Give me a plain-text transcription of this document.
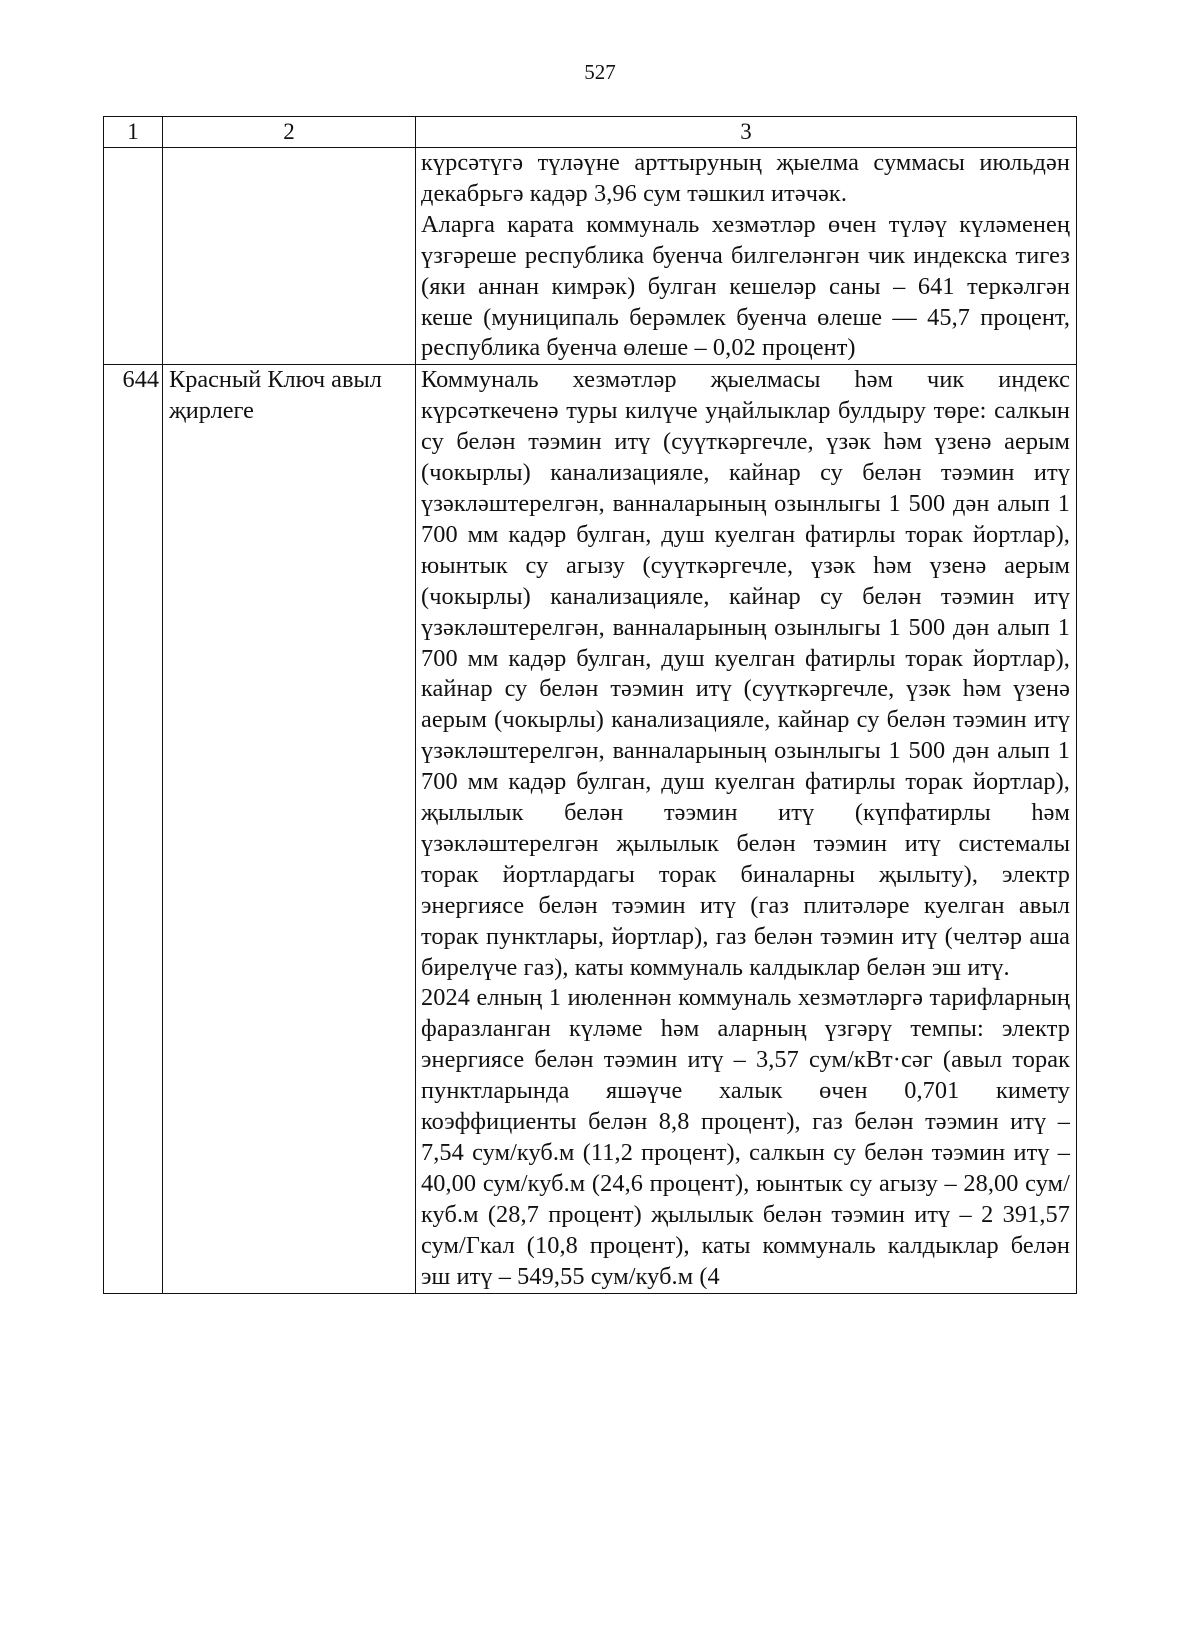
527
1	2	3

		күрсәтүгә түләүне арттыруның җыелма суммасы июльдән декабрьгә кадәр 3,96 сум тәшкил итәчәк.

Аларга карата коммуналь хезмәтләр өчен түләү күләменең үзгәреше республика буенча билгеләнгән чик индекска тигез (яки аннан кимрәк) булган кешеләр саны – 641 теркәлгән кеше (муниципаль берәмлек буенча өлеше — 45,7 процент, республика буенча өлеше – 0,02 процент)

644	Красный Ключ авыл җирлеге	Коммуналь хезмәтләр җыелмасы һәм чик индекс күрсәткеченә туры килүче уңайлыклар булдыру төре: салкын су белән тәэмин итү (суүткәргечле, үзәк һәм үзенә аерым (чокырлы) канализацияле, кайнар су белән тәэмин итү үзәкләштерелгән, ванналарының озынлыгы 1 500 дән алып 1 700 мм кадәр булган, душ куелган фатирлы торак йортлар), юынтык су агызу (суүткәргечле, үзәк һәм үзенә аерым (чокырлы) канализацияле, кайнар су белән тәэмин итү үзәкләштерелгән, ванналарының озынлыгы 1 500 дән алып 1 700 мм кадәр булган, душ куелган фатирлы торак йортлар), кайнар су белән тәэмин итү (суүткәргечле, үзәк һәм үзенә аерым (чокырлы) канализацияле, кайнар су белән тәэмин итү үзәкләштерелгән, ванналарының озынлыгы 1 500 дән алып 1 700 мм кадәр булган, душ куелган фатирлы торак йортлар), җылылык белән тәэмин итү (күпфатирлы һәм үзәкләштерелгән җылылык белән тәэмин итү системалы торак йортлардагы торак биналарны җылыту), электр энергиясе белән тәэмин итү (газ плитәләре куелган авыл торак пунктлары, йортлар), газ белән тәэмин итү (челтәр аша бирелүче газ), каты коммуналь калдыклар белән эш итү.

2024 елның 1 июленнән коммуналь хезмәтләргә тарифларның фаразланган күләме һәм аларның үзгәрү темпы: электр энергиясе белән тәэмин итү – 3,57 сум/кВт·сәг (авыл торак пунктларында яшәүче халык өчен 0,701 кимету коэффициенты белән 8,8 процент), газ белән тәэмин итү – 7,54 сум/куб.м (11,2 процент), салкын су белән тәэмин итү – 40,00 сум/куб.м (24,6 процент), юынтык су агызу – 28,00 сум/куб.м (28,7 процент) җылылык белән тәэмин итү – 2 391,57 сум/Гкал (10,8 процент), каты коммуналь калдыклар белән эш итү – 549,55 сум/куб.м (4
